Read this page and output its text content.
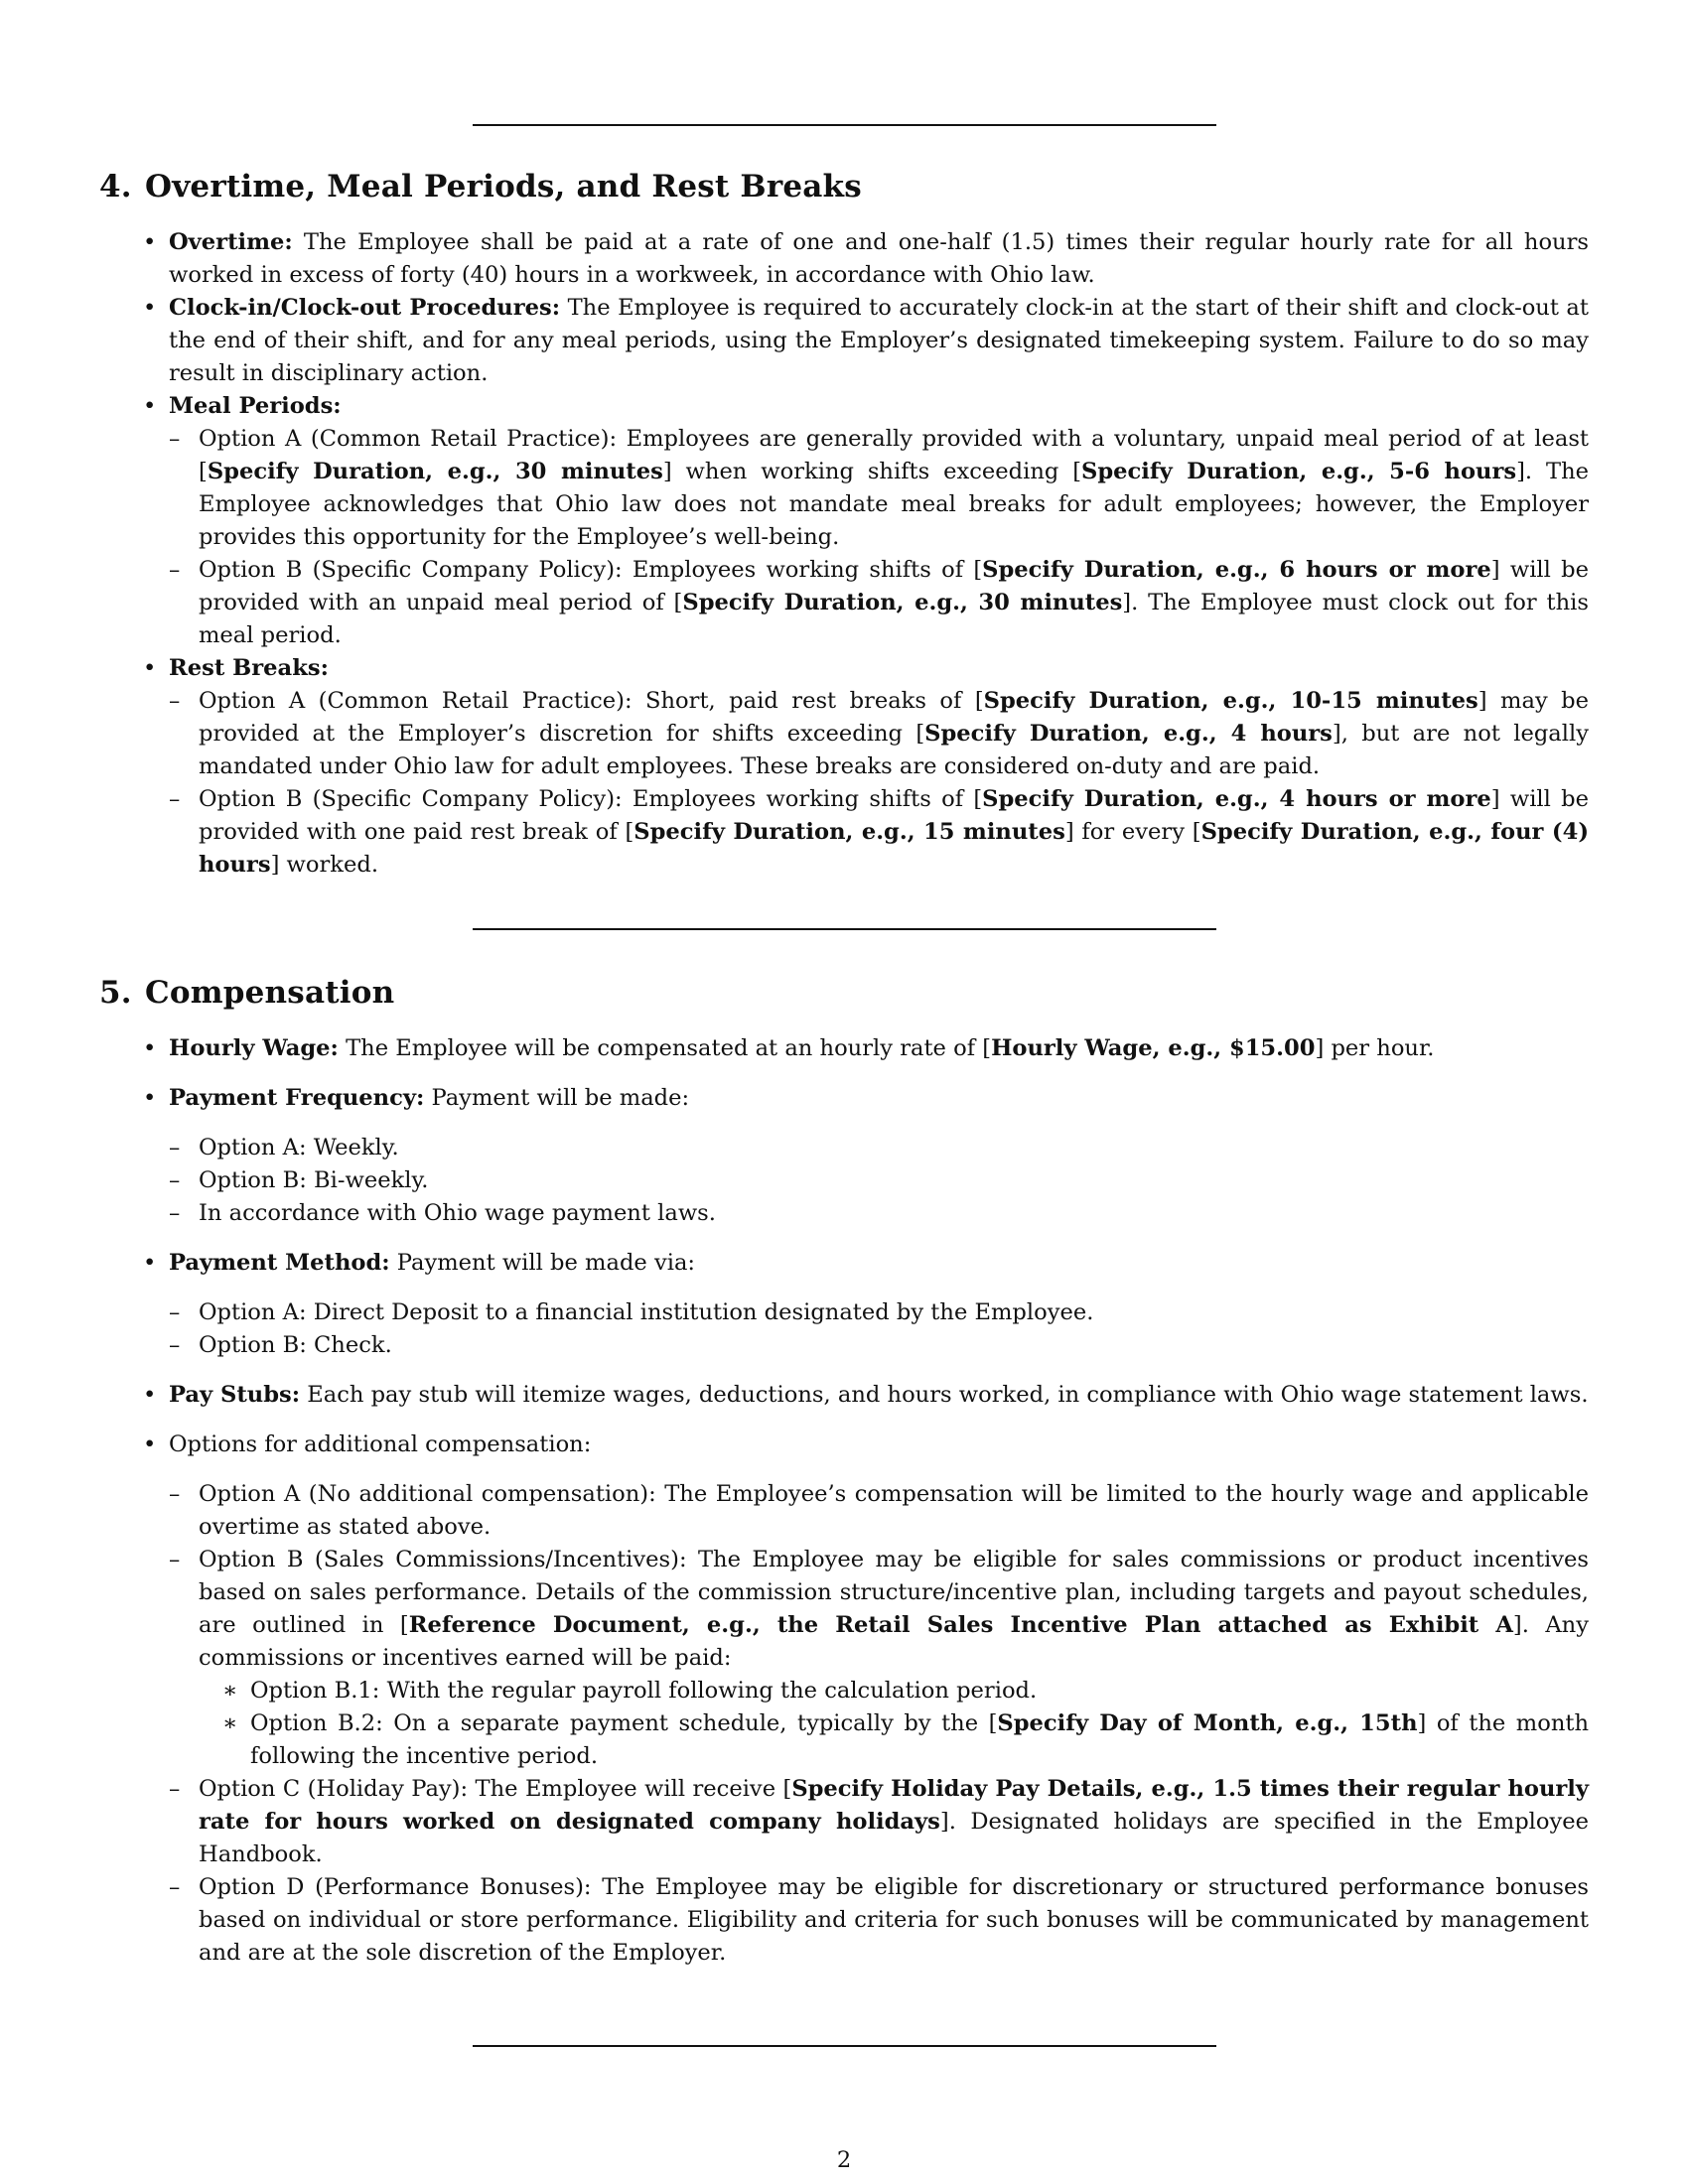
4. Overtime, Meal Periods, and Rest Breaks
• Overtime: The Employee shall be paid at a rate of one and one-half (1.5) times their regular hourly rate for all hours worked in excess of forty (40) hours in a workweek, in accordance with Ohio law.
• Clock-in/Clock-out Procedures: The Employee is required to accurately clock-in at the start of their shift and clock-out at the end of their shift, and for any meal periods, using the Employer’s designated timekeeping system. Failure to do so may result in disciplinary action.
• Meal Periods:
– Option A (Common Retail Practice): Employees are generally provided with a voluntary, unpaid meal period of at least [Specify Duration, e.g., 30 minutes] when working shifts exceeding [Specify Duration, e.g., 5-6 hours]. The Employee acknowledges that Ohio law does not mandate meal breaks for adult employees; however, the Employer provides this opportunity for the Employee’s well-being.
– Option B (Specific Company Policy): Employees working shifts of [Specify Duration, e.g., 6 hours or more] will be provided with an unpaid meal period of [Specify Duration, e.g., 30 minutes]. The Employee must clock out for this meal period.
• Rest Breaks:
– Option A (Common Retail Practice): Short, paid rest breaks of [Specify Duration, e.g., 10-15 minutes] may be provided at the Employer’s discretion for shifts exceeding [Specify Duration, e.g., 4 hours], but are not legally mandated under Ohio law for adult employees. These breaks are considered on-duty and are paid.
– Option B (Specific Company Policy): Employees working shifts of [Specify Duration, e.g., 4 hours or more] will be provided with one paid rest break of [Specify Duration, e.g., 15 minutes] for every [Specify Duration, e.g., four (4) hours] worked.
5. Compensation
• Hourly Wage: The Employee will be compensated at an hourly rate of [Hourly Wage, e.g., $15.00] per hour.
• Payment Frequency: Payment will be made:
– Option A: Weekly.
– Option B: Bi-weekly.
– In accordance with Ohio wage payment laws.
• Payment Method: Payment will be made via:
– Option A: Direct Deposit to a financial institution designated by the Employee.
– Option B: Check.
• Pay Stubs: Each pay stub will itemize wages, deductions, and hours worked, in compliance with Ohio wage statement laws.
• Options for additional compensation:
– Option A (No additional compensation): The Employee’s compensation will be limited to the hourly wage and applicable overtime as stated above.
– Option B (Sales Commissions/Incentives): The Employee may be eligible for sales commissions or product incentives based on sales performance. Details of the commission structure/incentive plan, including targets and payout schedules, are outlined in [Reference Document, e.g., the Retail Sales Incentive Plan attached as Exhibit A]. Any commissions or incentives earned will be paid:
∗ Option B.1: With the regular payroll following the calculation period.
∗ Option B.2: On a separate payment schedule, typically by the [Specify Day of Month, e.g., 15th] of the month following the incentive period.
– Option C (Holiday Pay): The Employee will receive [Specify Holiday Pay Details, e.g., 1.5 times their regular hourly rate for hours worked on designated company holidays]. Designated holidays are specified in the Employee Handbook.
– Option D (Performance Bonuses): The Employee may be eligible for discretionary or structured performance bonuses based on individual or store performance. Eligibility and criteria for such bonuses will be communicated by management and are at the sole discretion of the Employer.
2
